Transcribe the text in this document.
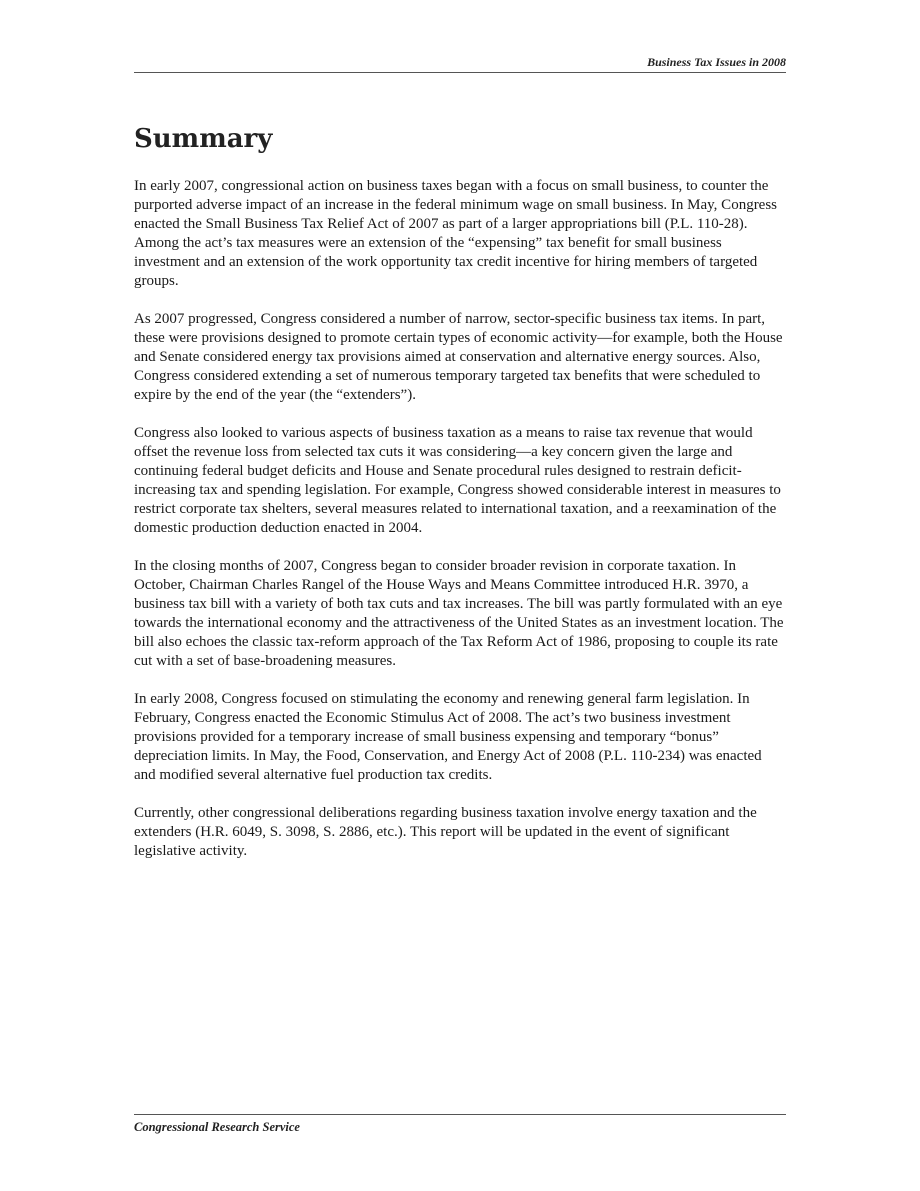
Business Tax Issues in 2008
Summary

In early 2007, congressional action on business taxes began with a focus on small business, to counter the purported adverse impact of an increase in the federal minimum wage on small business. In May, Congress enacted the Small Business Tax Relief Act of 2007 as part of a larger appropriations bill (P.L. 110-28). Among the act’s tax measures were an extension of the “expensing” tax benefit for small business investment and an extension of the work opportunity tax credit incentive for hiring members of targeted groups.

As 2007 progressed, Congress considered a number of narrow, sector-specific business tax items. In part, these were provisions designed to promote certain types of economic activity—for example, both the House and Senate considered energy tax provisions aimed at conservation and alternative energy sources. Also, Congress considered extending a set of numerous temporary targeted tax benefits that were scheduled to expire by the end of the year (the “extenders”).

Congress also looked to various aspects of business taxation as a means to raise tax revenue that would offset the revenue loss from selected tax cuts it was considering—a key concern given the large and continuing federal budget deficits and House and Senate procedural rules designed to restrain deficit-increasing tax and spending legislation. For example, Congress showed considerable interest in measures to restrict corporate tax shelters, several measures related to international taxation, and a reexamination of the domestic production deduction enacted in 2004.

In the closing months of 2007, Congress began to consider broader revision in corporate taxation. In October, Chairman Charles Rangel of the House Ways and Means Committee introduced H.R. 3970, a business tax bill with a variety of both tax cuts and tax increases. The bill was partly formulated with an eye towards the international economy and the attractiveness of the United States as an investment location. The bill also echoes the classic tax-reform approach of the Tax Reform Act of 1986, proposing to couple its rate cut with a set of base-broadening measures.

In early 2008, Congress focused on stimulating the economy and renewing general farm legislation. In February, Congress enacted the Economic Stimulus Act of 2008. The act’s two business investment provisions provided for a temporary increase of small business expensing and temporary “bonus” depreciation limits. In May, the Food, Conservation, and Energy Act of 2008 (P.L. 110-234) was enacted and modified several alternative fuel production tax credits.

Currently, other congressional deliberations regarding business taxation involve energy taxation and the extenders (H.R. 6049, S. 3098, S. 2886, etc.). This report will be updated in the event of significant legislative activity.

Congressional Research Service
